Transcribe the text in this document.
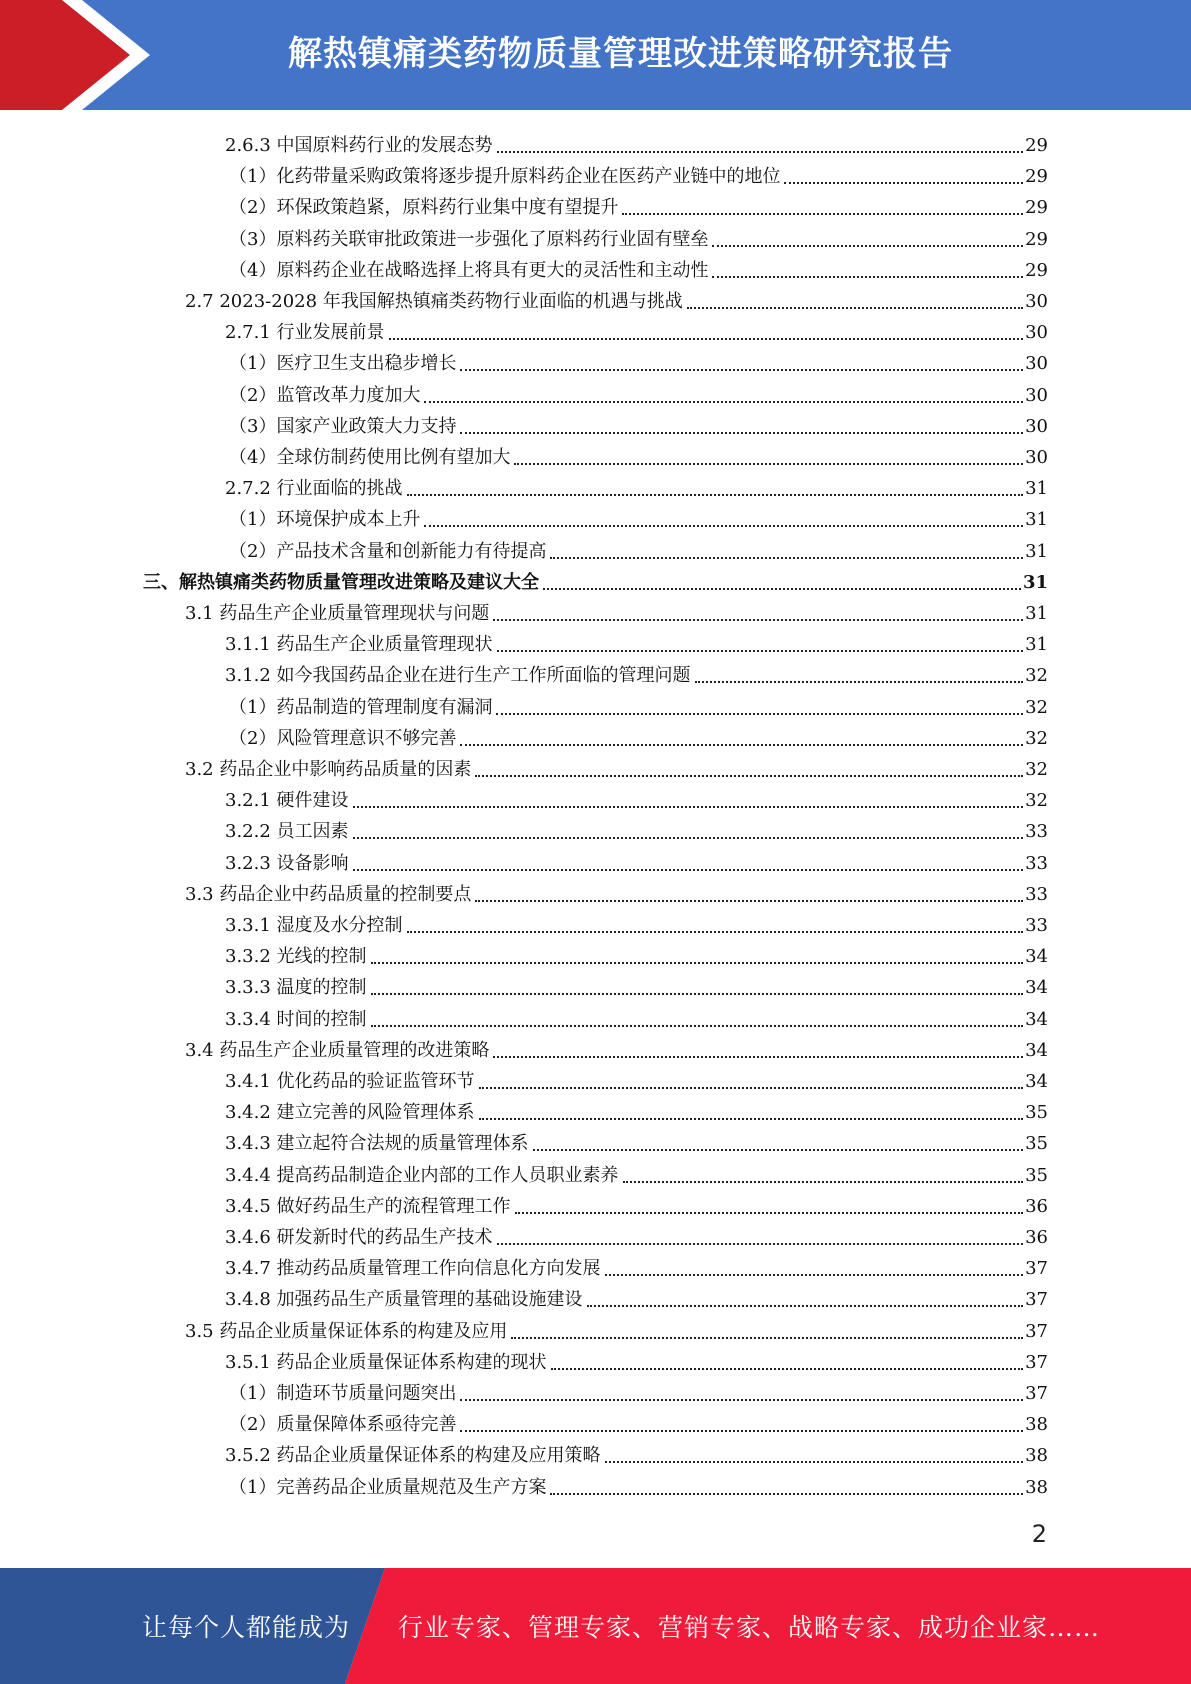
解热镇痛类药物质量管理改进策略研究报告
2.6.3 中国原料药行业的发展态势	29
（1）化药带量采购政策将逐步提升原料药企业在医药产业链中的地位	29
（2）环保政策趋紧，原料药行业集中度有望提升	29
（3）原料药关联审批政策进一步强化了原料药行业固有壁垒	29
（4）原料药企业在战略选择上将具有更大的灵活性和主动性	29
2.7 2023-2028 年我国解热镇痛类药物行业面临的机遇与挑战	30
2.7.1 行业发展前景	30
（1）医疗卫生支出稳步增长	30
（2）监管改革力度加大	30
（3）国家产业政策大力支持	30
（4）全球仿制药使用比例有望加大	30
2.7.2 行业面临的挑战	31
（1）环境保护成本上升	31
（2）产品技术含量和创新能力有待提高	31
三、解热镇痛类药物质量管理改进策略及建议大全	31
3.1 药品生产企业质量管理现状与问题	31
3.1.1 药品生产企业质量管理现状	31
3.1.2 如今我国药品企业在进行生产工作所面临的管理问题	32
（1）药品制造的管理制度有漏洞	32
（2）风险管理意识不够完善	32
3.2 药品企业中影响药品质量的因素	32
3.2.1 硬件建设	32
3.2.2 员工因素	33
3.2.3 设备影响	33
3.3 药品企业中药品质量的控制要点	33
3.3.1 湿度及水分控制	33
3.3.2 光线的控制	34
3.3.3 温度的控制	34
3.3.4 时间的控制	34
3.4 药品生产企业质量管理的改进策略	34
3.4.1 优化药品的验证监管环节	34
3.4.2 建立完善的风险管理体系	35
3.4.3 建立起符合法规的质量管理体系	35
3.4.4 提高药品制造企业内部的工作人员职业素养	35
3.4.5 做好药品生产的流程管理工作	36
3.4.6 研发新时代的药品生产技术	36
3.4.7 推动药品质量管理工作向信息化方向发展	37
3.4.8 加强药品生产质量管理的基础设施建设	37
3.5 药品企业质量保证体系的构建及应用	37
3.5.1 药品企业质量保证体系构建的现状	37
（1）制造环节质量问题突出	37
（2）质量保障体系亟待完善	38
3.5.2 药品企业质量保证体系的构建及应用策略	38
（1）完善药品企业质量规范及生产方案	38
2
让每个人都能成为 行业专家、管理专家、营销专家、战略专家、成功企业家……
